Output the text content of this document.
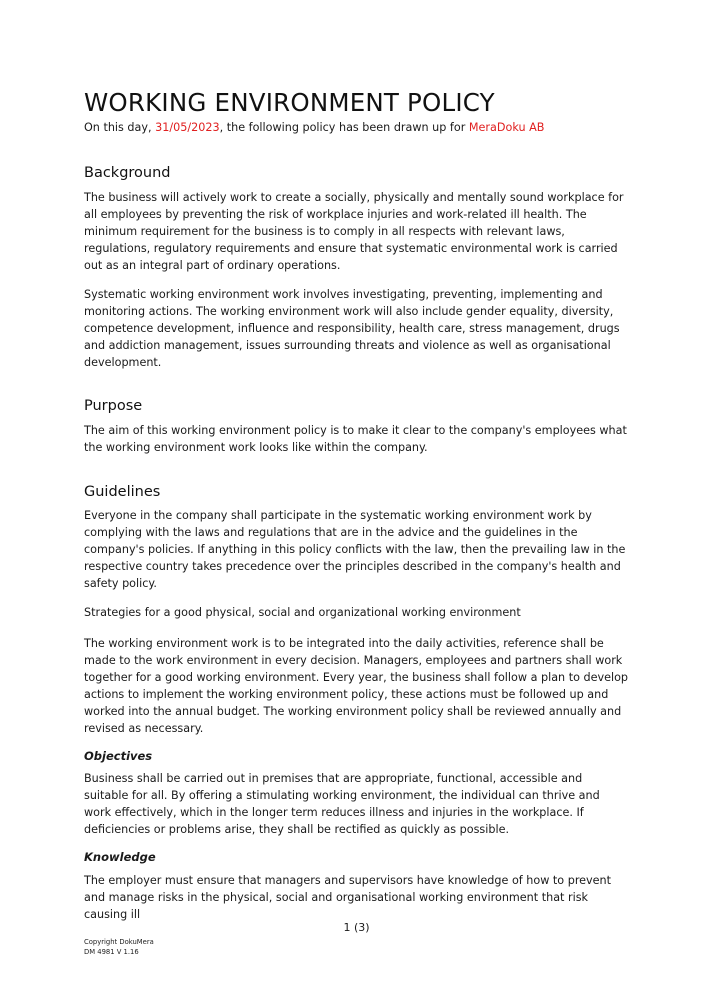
WORKING ENVIRONMENT POLICY

On this day, 31/05/2023, the following policy has been drawn up for MeraDoku AB

Background

The business will actively work to create a socially, physically and mentally sound workplace for all employees by preventing the risk of workplace injuries and work-related ill health. The minimum requirement for the business is to comply in all respects with relevant laws, regulations, regulatory requirements and ensure that systematic environmental work is carried out as an integral part of ordinary operations.

Systematic working environment work involves investigating, preventing, implementing and monitoring actions. The working environment work will also include gender equality, diversity, competence development, influence and responsibility, health care, stress management, drugs and addiction management, issues surrounding threats and violence as well as organisational development.

Purpose

The aim of this working environment policy is to make it clear to the company's employees what the working environment work looks like within the company.

Guidelines

Everyone in the company shall participate in the systematic working environment work by complying with the laws and regulations that are in the advice and the guidelines in the company's policies. If anything in this policy conflicts with the law, then the prevailing law in the respective country takes precedence over the principles described in the company's health and safety policy.

Strategies for a good physical, social and organizational working environment

The working environment work is to be integrated into the daily activities, reference shall be made to the work environment in every decision. Managers, employees and partners shall work together for a good working environment. Every year, the business shall follow a plan to develop actions to implement the working environment policy, these actions must be followed up and worked into the annual budget. The working environment policy shall be reviewed annually and revised as necessary.

Objectives

Business shall be carried out in premises that are appropriate, functional, accessible and suitable for all. By offering a stimulating working environment, the individual can thrive and work effectively, which in the longer term reduces illness and injuries in the workplace. If deficiencies or problems arise, they shall be rectified as quickly as possible.

Knowledge

The employer must ensure that managers and supervisors have knowledge of how to prevent and manage risks in the physical, social and organisational working environment that risk causing ill

1 (3)

Copyright DokuMera
DM 4981 V 1.16
